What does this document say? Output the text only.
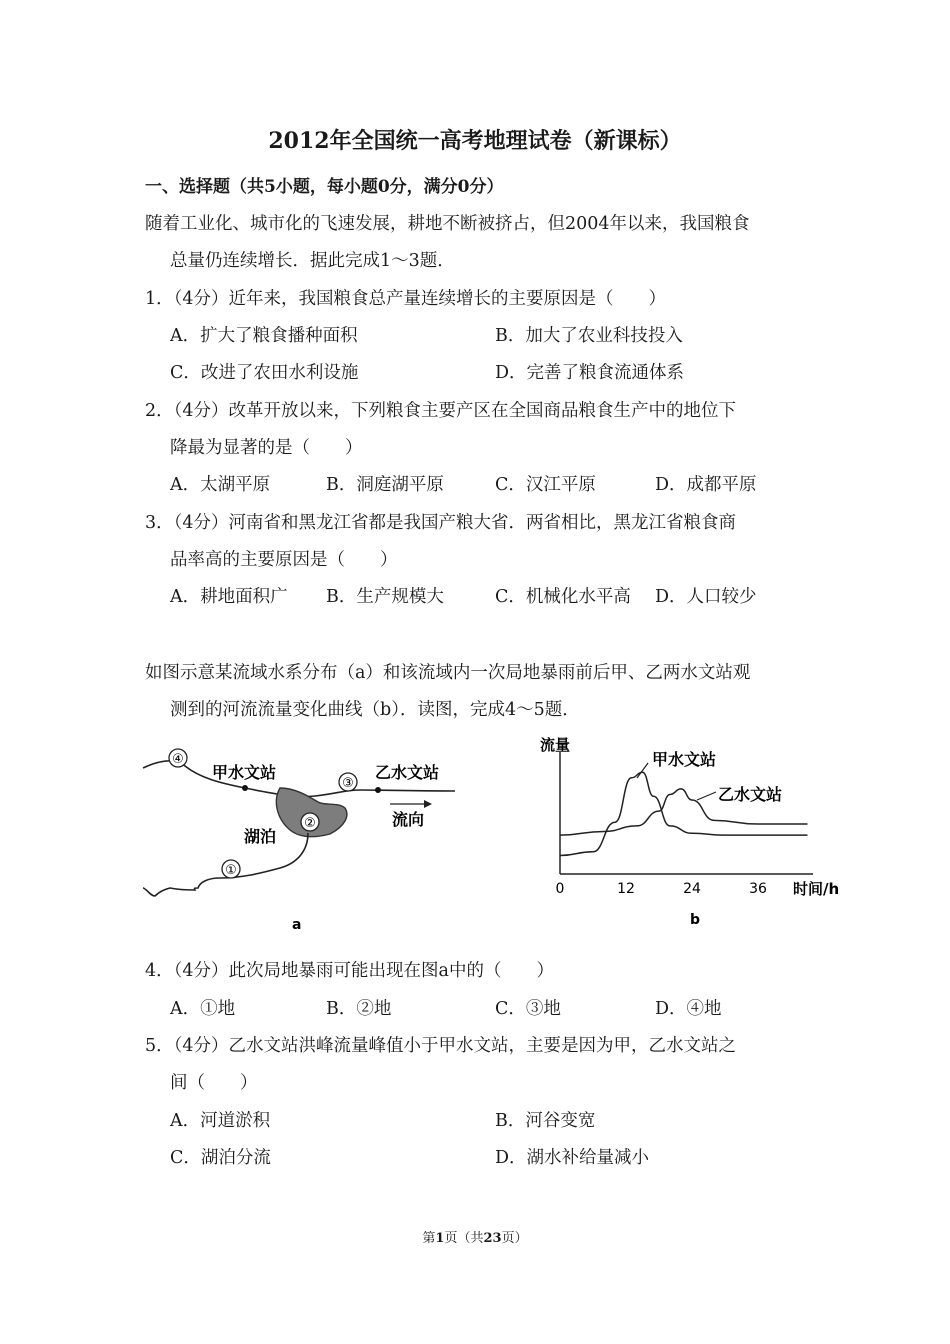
2012年全国统一高考地理试卷（新课标）
一、选择题（共5小题，每小题0分，满分0分）
随着工业化、城市化的飞速发展，耕地不断被挤占，但2004年以来，我国粮食
总量仍连续增长．据此完成1～3题．
1．（4分）近年来，我国粮食总产量连续增长的主要原因是（　　）
A．扩大了粮食播种面积	B．加大了农业科技投入
C．改进了农田水利设施	D．完善了粮食流通体系
2．（4分）改革开放以来，下列粮食主要产区在全国商品粮食生产中的地位下
降最为显著的是（　　）
A．太湖平原	B．洞庭湖平原	C．汉江平原	D．成都平原
3．（4分）河南省和黑龙江省都是我国产粮大省．两省相比，黑龙江省粮食商
品率高的主要原因是（　　）
A．耕地面积广 B．生产规模大	C．机械化水平高 D．人口较少
如图示意某流域水系分布（a）和该流域内一次局地暴雨前后甲、乙两水文站观
测到的河流流量变化曲线（b）．读图，完成4～5题．
④
③
②
①
甲水文站	乙水文站
湖泊
流向
a
流量
时间/h
0	12	24	36
甲水文站
乙水文站
b
4．（4分）此次局地暴雨可能出现在图a中的（　　）
A．①地	B．②地	C．③地	D．④地
5．（4分）乙水文站洪峰流量峰值小于甲水文站，主要是因为甲，乙水文站之
间（　　）
A．河道淤积	B．河谷变宽
C．湖泊分流	D．湖水补给量减小
第1页（共23页）
